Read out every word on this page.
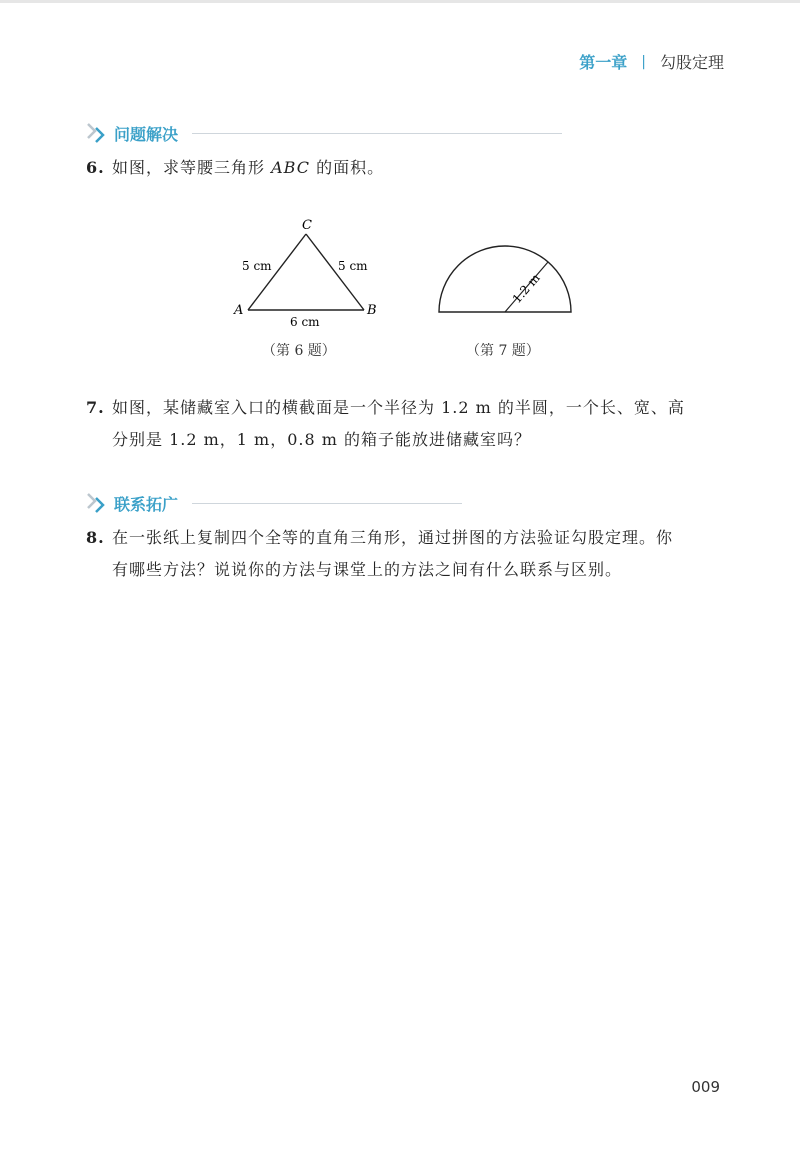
第一章 | 勾股定理
问题解决
6. 如图，求等腰三角形 ABC 的面积。
C
A	B
5 cm	5 cm
6 cm
（第 6 题）
1.2 m
（第 7 题）
7. 如图，某储藏室入口的横截面是一个半径为 1.2 m 的半圆，一个长、宽、高
分别是 1.2 m，1 m，0.8 m 的箱子能放进储藏室吗？
联系拓广
8. 在一张纸上复制四个全等的直角三角形，通过拼图的方法验证勾股定理。你
有哪些方法？说说你的方法与课堂上的方法之间有什么联系与区别。
009
